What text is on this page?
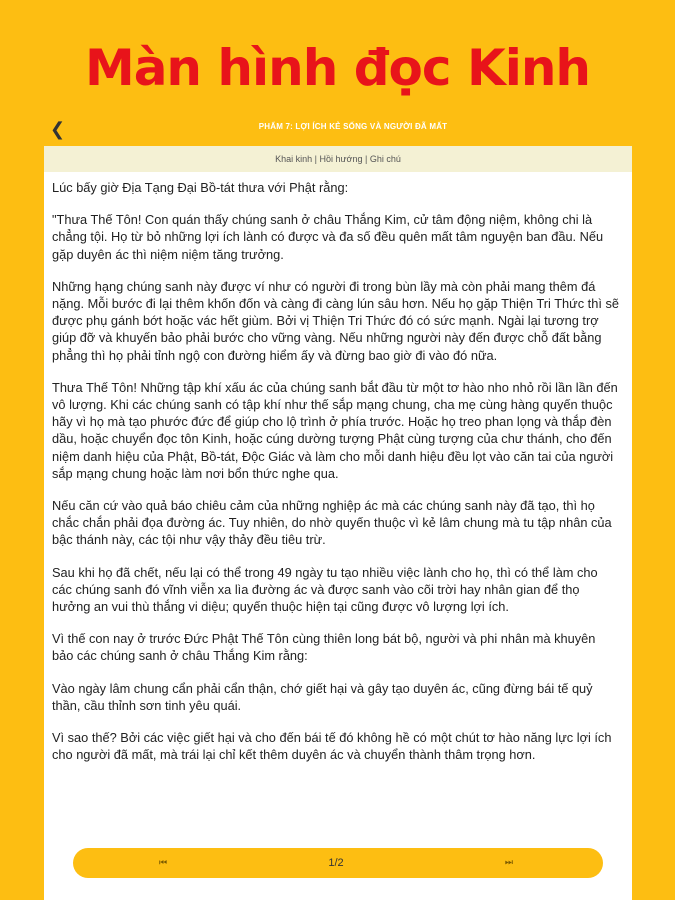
Màn hình đọc Kinh
❮	PHẨM 7: LỢI ÍCH KẺ SỐNG VÀ NGƯỜI ĐÃ MẤT
Khai kinh | Hồi hướng | Ghi chú

Lúc bấy giờ Địa Tạng Đại Bồ-tát thưa với Phật rằng:

"Thưa Thế Tôn! Con quán thấy chúng sanh ở châu Thắng Kim, cử tâm động niệm, không chi là chẳng tội. Họ từ bỏ những lợi ích lành có được và đa số đều quên mất tâm nguyện ban đầu. Nếu gặp duyên ác thì niệm niệm tăng trưởng.

Những hạng chúng sanh này được ví như có người đi trong bùn lầy mà còn phải mang thêm đá nặng. Mỗi bước đi lại thêm khốn đốn và càng đi càng lún sâu hơn. Nếu họ gặp Thiện Tri Thức thì sẽ được phụ gánh bớt hoặc vác hết giùm. Bởi vị Thiện Tri Thức đó có sức mạnh. Ngài lại tương trợ giúp đỡ và khuyến bảo phải bước cho vững vàng. Nếu những người này đến được chỗ đất bằng phẳng thì họ phải tỉnh ngộ con đường hiểm ấy và đừng bao giờ đi vào đó nữa.

Thưa Thế Tôn! Những tập khí xấu ác của chúng sanh bắt đầu từ một tơ hào nho nhỏ rồi lần lần đến vô lượng. Khi các chúng sanh có tập khí như thế sắp mạng chung, cha mẹ cùng hàng quyến thuộc hãy vì họ mà tạo phước đức để giúp cho lộ trình ở phía trước. Hoặc họ treo phan lọng và thắp đèn dầu, hoặc chuyển đọc tôn Kinh, hoặc cúng dường tượng Phật cùng tượng của chư thánh, cho đến niệm danh hiệu của Phật, Bồ-tát, Độc Giác và làm cho mỗi danh hiệu đều lọt vào căn tai của người sắp mạng chung hoặc làm nơi bổn thức nghe qua.

Nếu căn cứ vào quả báo chiêu cảm của những nghiệp ác mà các chúng sanh này đã tạo, thì họ chắc chắn phải đọa đường ác. Tuy nhiên, do nhờ quyến thuộc vì kẻ lâm chung mà tu tập nhân của bậc thánh này, các tội như vậy thảy đều tiêu trừ.

Sau khi họ đã chết, nếu lại có thể trong 49 ngày tu tạo nhiều việc lành cho họ, thì có thể làm cho các chúng sanh đó vĩnh viễn xa lìa đường ác và được sanh vào cõi trời hay nhân gian để thọ hưởng an vui thù thắng vi diệu; quyến thuộc hiện tại cũng được vô lượng lợi ích.

Vì thế con nay ở trước Đức Phật Thế Tôn cùng thiên long bát bộ, người và phi nhân mà khuyên bảo các chúng sanh ở châu Thắng Kim rằng:

Vào ngày lâm chung cẩn phải cẩn thận, chớ giết hại và gây tạo duyên ác, cũng đừng bái tế quỷ thần, cầu thỉnh sơn tinh yêu quái.

Vì sao thế? Bởi các việc giết hại và cho đến bái tế đó không hề có một chút tơ hào năng lực lợi ích cho người đã mất, mà trái lại chỉ kết thêm duyên ác và chuyển thành thâm trọng hơn.

⏮	1/2	⏭
